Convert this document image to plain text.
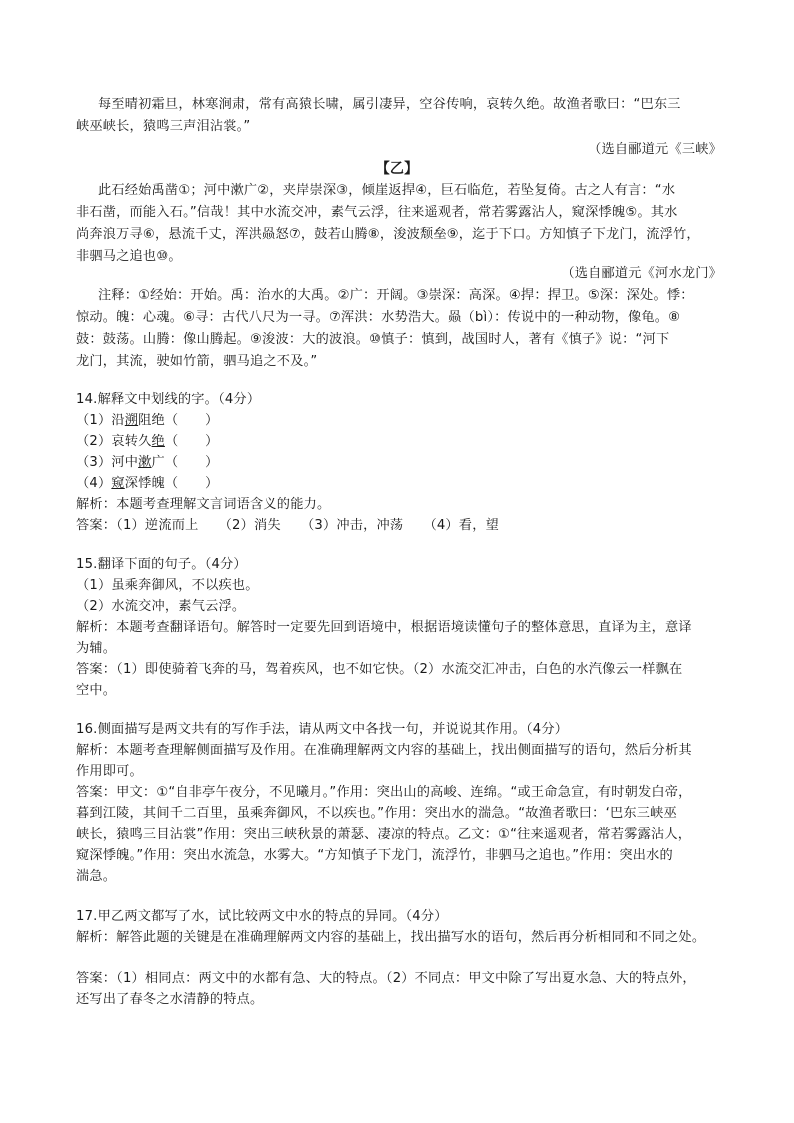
每至晴初霜旦，林寒涧肃，常有高猿长啸，属引凄异，空谷传响，哀转久绝。故渔者歌曰：“巴东三
峡巫峡长，猿鸣三声泪沾裳。”
（选自郦道元《三峡》
【乙】
此石经始禹凿①；河中漱广②，夹岸崇深③，倾崖返捍④，巨石临危，若坠复倚。古之人有言：“水
非石凿，而能入石。”信哉！其中水流交冲，素气云浮，往来遥观者，常若雾露沾人，窥深悸魄⑤。其水
尚奔浪万寻⑥，悬流千丈，浑洪赑怒⑦，鼓若山腾⑧，浚波颓垒⑨，迄于下口。方知慎子下龙门，流浮竹，
非驷马之追也⑩。
（选自郦道元《河水龙门》
注释：①经始：开始。禹：治水的大禹。②广：开阔。③崇深：高深。④捍：捍卫。⑤深：深处。悸：
惊动。魄：心魂。⑥寻：古代八尺为一寻。⑦浑洪：水势浩大。赑（bì）：传说中的一种动物，像龟。⑧
鼓：鼓荡。山腾：像山腾起。⑨浚波：大的波浪。⑩慎子：慎到，战国时人，著有《慎子》说：“河下
龙门，其流，驶如竹箭，驷马追之不及。”
14.解释文中划线的字。（4分）
（1）沿溯阻绝（　　）
（2）哀转久绝（　　）
（3）河中漱广（　　）
（4）窥深悸魄（　　）
解析：本题考查理解文言词语含义的能力。
答案：（1）逆流而上　　（2）消失　　（3）冲击，冲荡　　（4）看，望
15.翻译下面的句子。（4分）
（1）虽乘奔御风，不以疾也。
（2）水流交冲，素气云浮。
解析：本题考查翻译语句。解答时一定要先回到语境中，根据语境读懂句子的整体意思，直译为主，意译
为辅。
答案：（1）即使骑着飞奔的马，驾着疾风，也不如它快。（2）水流交汇冲击，白色的水汽像云一样飘在
空中。
16.侧面描写是两文共有的写作手法，请从两文中各找一句，并说说其作用。（4分）
解析：本题考查理解侧面描写及作用。在准确理解两文内容的基础上，找出侧面描写的语句，然后分析其
作用即可。
答案：甲文：①“自非亭午夜分，不见曦月。”作用：突出山的高峻、连绵。“或王命急宣，有时朝发白帝，
暮到江陵，其间千二百里，虽乘奔御风，不以疾也。”作用：突出水的湍急。“故渔者歌曰：‘巴东三峡巫
峡长，猿鸣三目沾裳”作用：突出三峡秋景的萧瑟、凄凉的特点。乙文：①“往来遥观者，常若雾露沾人，
窥深悸魄。”作用：突出水流急，水雾大。“方知慎子下龙门，流浮竹，非驷马之追也。”作用：突出水的
湍急。
17.甲乙两文都写了水，试比较两文中水的特点的异同。（4分）
解析：解答此题的关键是在准确理解两文内容的基础上，找出描写水的语句，然后再分析相同和不同之处。
答案：（1）相同点：两文中的水都有急、大的特点。（2）不同点：甲文中除了写出夏水急、大的特点外，
还写出了春冬之水清静的特点。
